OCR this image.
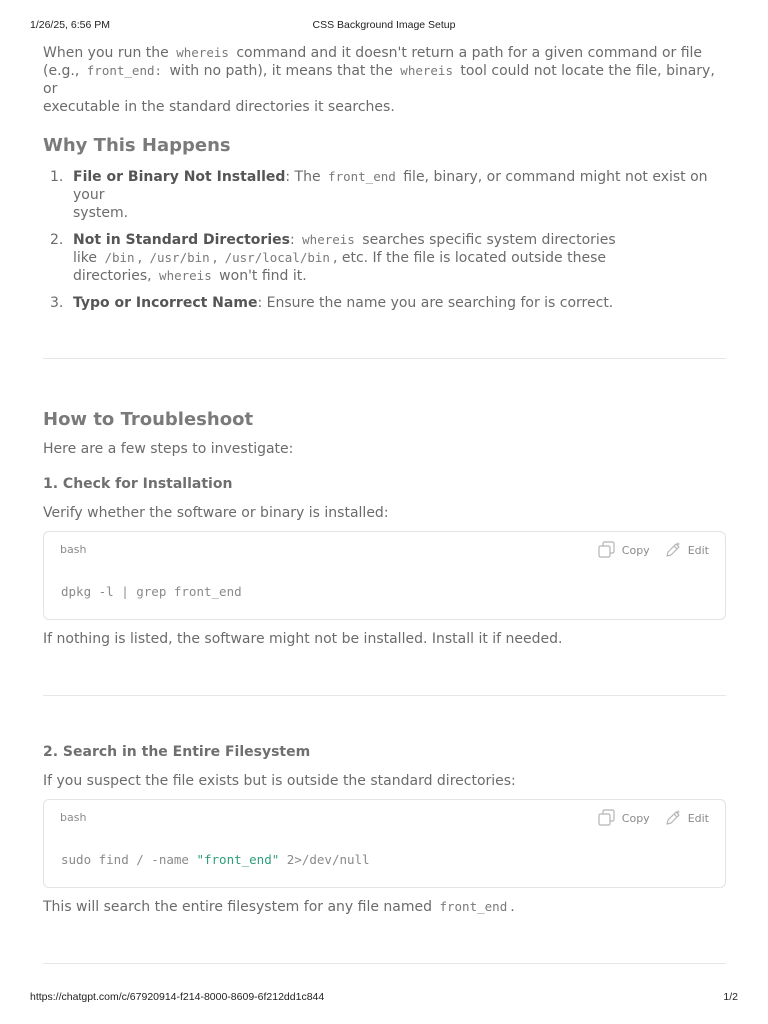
1/26/25, 6:56 PM	CSS Background Image Setup

When you run the whereis command and it doesn't return a path for a given command or file
(e.g., front_end: with no path), it means that the whereis tool could not locate the file, binary, or
executable in the standard directories it searches.

Why This Happens
1. File or Binary Not Installed: The front_end file, binary, or command might not exist on your
system.
2. Not in Standard Directories: whereis searches specific system directories
like /bin , /usr/bin , /usr/local/bin , etc. If the file is located outside these
directories, whereis won't find it.
3. Typo or Incorrect Name: Ensure the name you are searching for is correct.
How to Troubleshoot

Here are a few steps to investigate:

1. Check for Installation

Verify whether the software or binary is installed:

bash	Copy	Edit
dpkg -l | grep front_end

If nothing is listed, the software might not be installed. Install it if needed.

2. Search in the Entire Filesystem

If you suspect the file exists but is outside the standard directories:

bash	Copy	Edit
sudo find / -name "front_end" 2>/dev/null

This will search the entire filesystem for any file named front_end .

https://chatgpt.com/c/67920914-f214-8000-8609-6f212dd1c844	1/2
